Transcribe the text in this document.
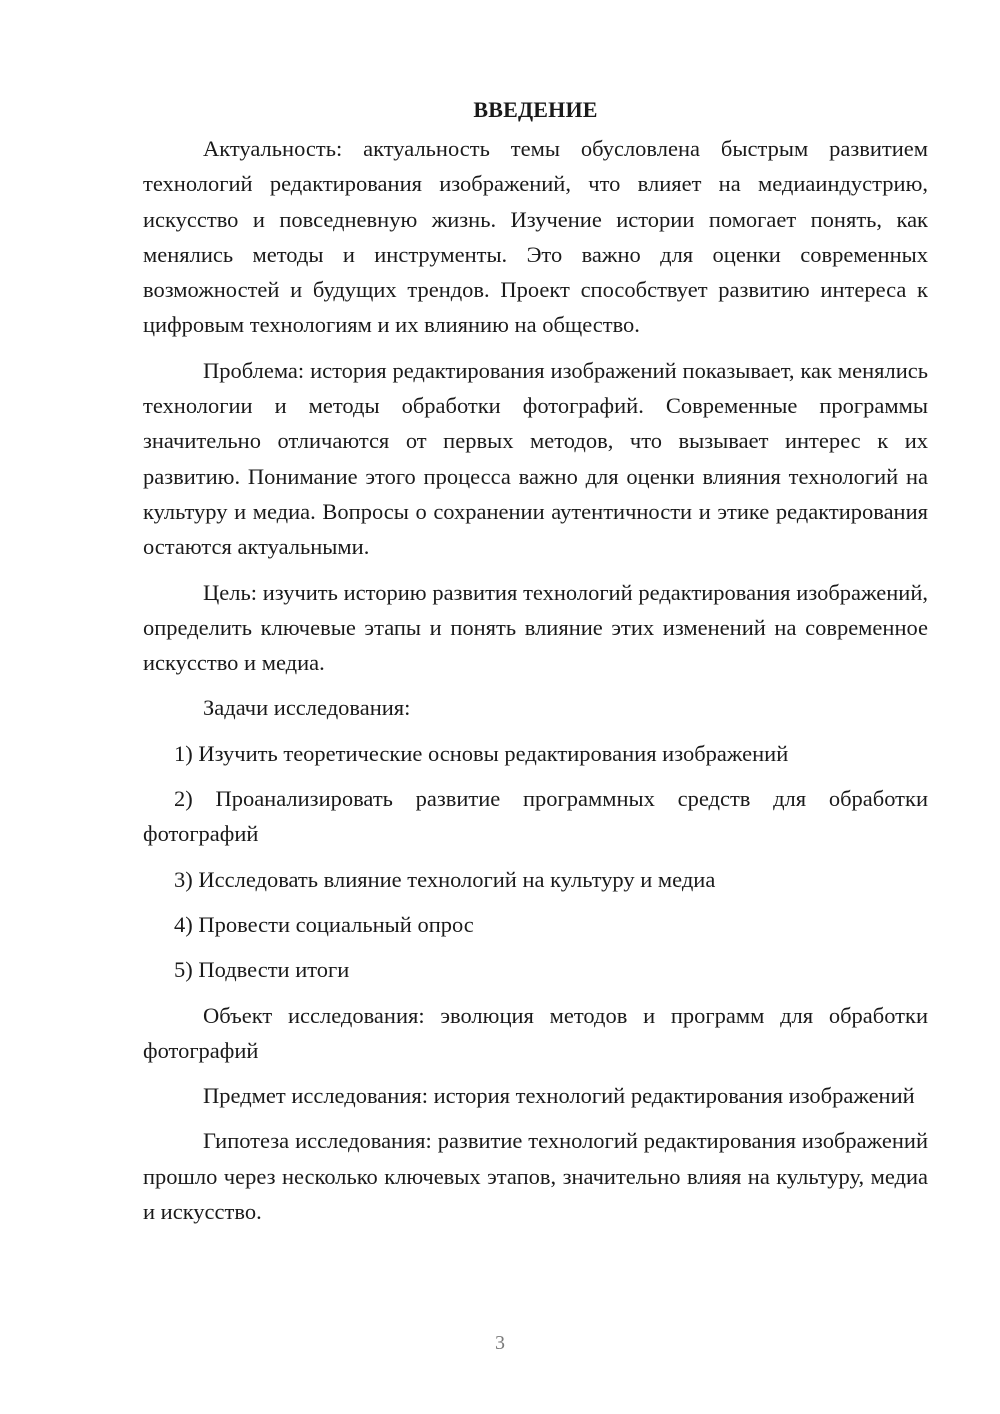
ВВЕДЕНИЕ

Актуальность: актуальность темы обусловлена быстрым развитием технологий редактирования изображений, что влияет на медиаиндустрию, искусство и повседневную жизнь. Изучение истории помогает понять, как менялись методы и инструменты. Это важно для оценки современных возможностей и будущих трендов. Проект способствует развитию интереса к цифровым технологиям и их влиянию на общество.

Проблема: история редактирования изображений показывает, как менялись технологии и методы обработки фотографий. Современные программы значительно отличаются от первых методов, что вызывает интерес к их развитию. Понимание этого процесса важно для оценки влияния технологий на культуру и медиа. Вопросы о сохранении аутентичности и этике редактирования остаются актуальными.

Цель: изучить историю развития технологий редактирования изображений, определить ключевые этапы и понять влияние этих изменений на современное искусство и медиа.

Задачи исследования:

1) Изучить теоретические основы редактирования изображений

2) Проанализировать развитие программных средств для обработки фотографий

3) Исследовать влияние технологий на культуру и медиа

4) Провести социальный опрос

5) Подвести итоги

Объект исследования: эволюция методов и программ для обработки фотографий

Предмет исследования: история технологий редактирования изображений

Гипотеза исследования: развитие технологий редактирования изображений прошло через несколько ключевых этапов, значительно влияя на культуру, медиа и искусство.

3
